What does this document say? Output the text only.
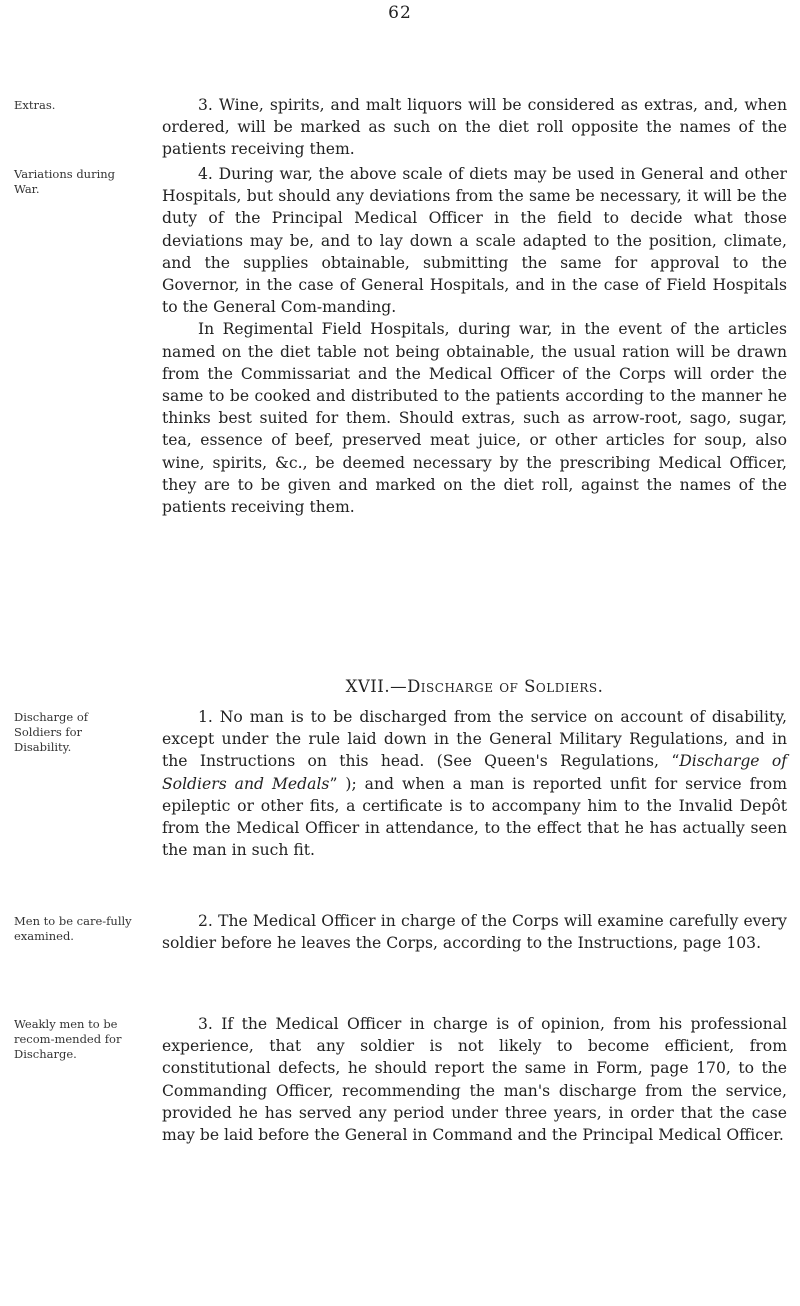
62
Extras.	3. Wine, spirits, and malt liquors will be considered as extras, and, when ordered, will be marked as such on the diet roll opposite the names of the patients receiving them.

Variations during War.

4. During war, the above scale of diets may be used in General and other Hospitals, but should any deviations from the same be necessary, it will be the duty of the Principal Medical Officer in the field to decide what those deviations may be, and to lay down a scale adapted to the position, climate, and the supplies obtainable, submitting the same for approval to the Governor, in the case of General Hospitals, and in the case of Field Hospitals to the General Com-manding.

In Regimental Field Hospitals, during war, in the event of the articles named on the diet table not being obtainable, the usual ration will be drawn from the Commissariat and the Medical Officer of the Corps will order the same to be cooked and distributed to the patients according to the manner he thinks best suited for them. Should extras, such as arrow-root, sago, sugar, tea, essence of beef, preserved meat juice, or other articles for soup, also wine, spirits, &c., be deemed necessary by the prescribing Medical Officer, they are to be given and marked on the diet roll, against the names of the patients receiving them.

XVII.—Discharge of Soldiers.
Discharge of Soldiers for Disability.

1. No man is to be discharged from the service on account of disability, except under the rule laid down in the General Military Regulations, and in the Instructions on this head. (See Queen's Regulations, “Discharge of Soldiers and Medals” ); and when a man is reported unfit for service from epileptic or other fits, a certificate is to accompany him to the Invalid Depôt from the Medical Officer in attendance, to the effect that he has actually seen the man in such fit.

Men to be care-fully examined.

2. The Medical Officer in charge of the Corps will examine carefully every soldier before he leaves the Corps, according to the Instructions, page 103.

Weakly men to be recom-mended for Discharge.

3. If the Medical Officer in charge is of opinion, from his professional experience, that any soldier is not likely to become efficient, from constitutional defects, he should report the same in Form, page 170, to the Commanding Officer, recommending the man's discharge from the service, provided he has served any period under three years, in order that the case may be laid before the General in Command and the Principal Medical Officer.
